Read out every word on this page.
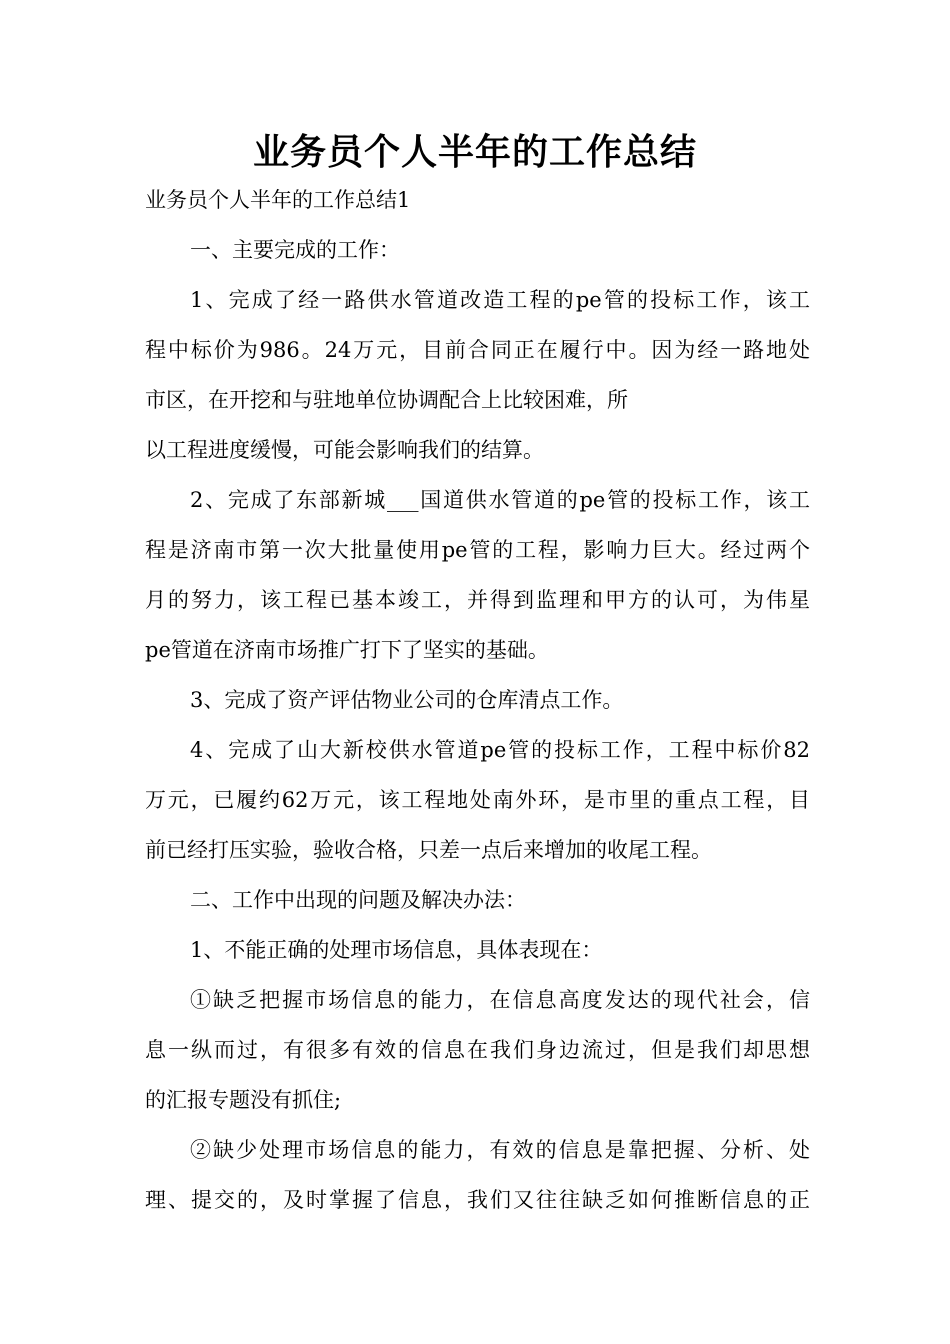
业务员个人半年的工作总结
业务员个人半年的工作总结1
一、主要完成的工作：
1、完成了经一路供水管道改造工程的pe管的投标工作，该工
程中标价为986。24万元，目前合同正在履行中。因为经一路地处
市区，在开挖和与驻地单位协调配合上比较困难，所
以工程进度缓慢，可能会影响我们的结算。
2、完成了东部新城___国道供水管道的pe管的投标工作，该工
程是济南市第一次大批量使用pe管的工程，影响力巨大。经过两个
月的努力，该工程已基本竣工，并得到监理和甲方的认可，为伟星
pe管道在济南市场推广打下了坚实的基础。
3、完成了资产评估物业公司的仓库清点工作。
4、完成了山大新校供水管道pe管的投标工作，工程中标价82
万元，已履约62万元，该工程地处南外环，是市里的重点工程，目
前已经打压实验，验收合格，只差一点后来增加的收尾工程。
二、工作中出现的问题及解决办法：
1、不能正确的处理市场信息，具体表现在：
①缺乏把握市场信息的能力，在信息高度发达的现代社会，信
息一纵而过，有很多有效的信息在我们身边流过，但是我们却思想
的汇报专题没有抓住;
②缺少处理市场信息的能力，有效的信息是靠把握、分析、处
理、提交的，及时掌握了信息，我们又往往缺乏如何推断信息的正
